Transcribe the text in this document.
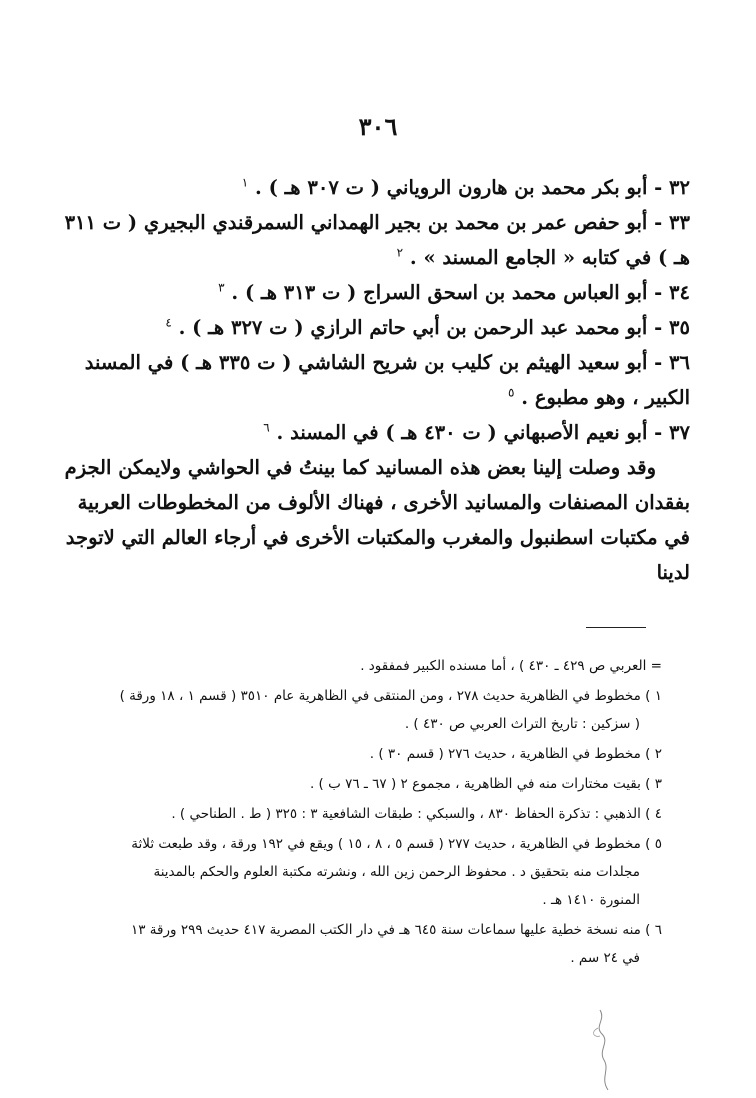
٣٠٦

٣٢ - أبو بكر محمد بن هارون الروياني ( ت ٣٠٧ هـ ) . $^١$

٣٣ - أبو حفص عمر بن محمد بن بجير الهمداني السمرقندي البجيري ( ت ٣١١ هـ ) في كتابه « الجامع المسند » . $^٢$

٣٤ - أبو العباس محمد بن اسحق السراج ( ت ٣١٣ هـ ) . $^٣$

٣٥ - أبو محمد عبد الرحمن بن أبي حاتم الرازي ( ت ٣٢٧ هـ ) . $^٤$

٣٦ - أبو سعيد الهيثم بن كليب بن شريح الشاشي ( ت ٣٣٥ هـ ) في المسند الكبير ، وهو مطبوع . $^٥$

٣٧ - أبو نعيم الأصبهاني ( ت ٤٣٠ هـ ) في المسند . $^٦$

وقد وصلت إلينا بعض هذه المسانيد كما بينتُ في الحواشي ولايمكن الجزم بفقدان المصنفات والمسانيد الأخرى ، فهناك الألوف من المخطوطات العربية في مكتبات اسطنبول والمغرب والمكتبات الأخرى في أرجاء العالم التي لاتوجد لدينا

= العربي ص ٤٢٩ ـ ٤٣٠ ) ، أما مسنده الكبير فمفقود .

١ ) مخطوط في الظاهرية حديث ٢٧٨ ، ومن المنتقى في الظاهرية عام ٣٥١٠ ( قسم ١ ، ١٨ ورقة )

( سزكين : تاريخ التراث العربي ص ٤٣٠ ) .

٢ ) مخطوط في الظاهرية ، حديث ٢٧٦ ( قسم ٣٠ ) .

٣ ) بقيت مختارات منه في الظاهرية ، مجموع ٢ ( ٦٧ ـ ٧٦ ب ) .

٤ ) الذهبي : تذكرة الحفاظ ٨٣٠ ، والسبكي : طبقات الشافعية ٣ : ٣٢٥ ( ط . الطناحي ) .

٥ ) مخطوط في الظاهرية ، حديث ٢٧٧ ( قسم ٥ ، ٨ ، ١٥ ) ويقع في ١٩٢ ورقة ، وقد طبعت ثلاثة

مجلدات منه بتحقيق د . محفوظ الرحمن زين الله ، ونشرته مكتبة العلوم والحكم بالمدينة

المنورة ١٤١٠ هـ .

٦ ) منه نسخة خطية عليها سماعات سنة ٦٤٥ هـ في دار الكتب المصرية ٤١٧ حديث ٢٩٩ ورقة ١٣

في ٢٤ سم .
